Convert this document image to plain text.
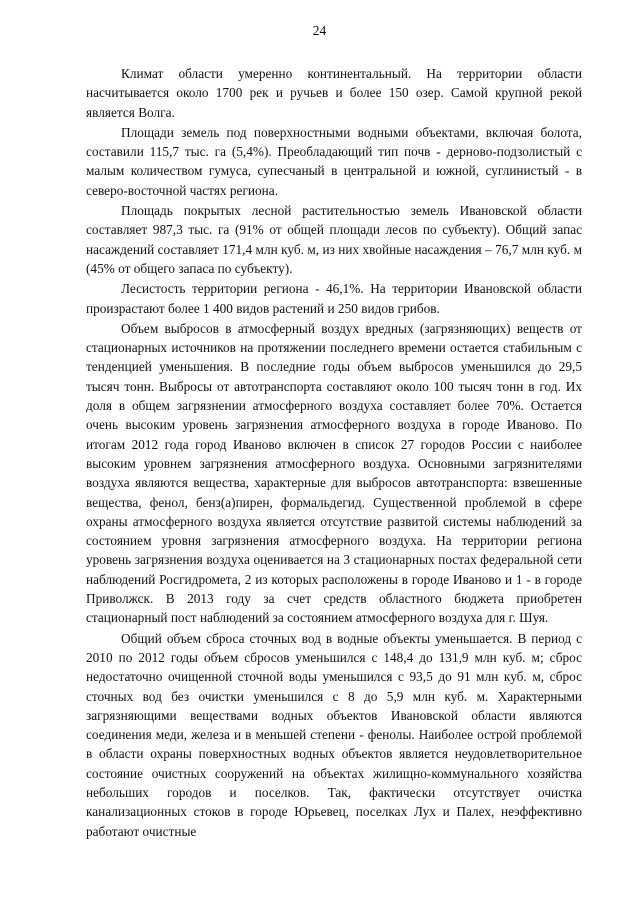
24

Климат области умеренно континентальный. На территории области насчитывается около 1700 рек и ручьев и более 150 озер. Самой крупной рекой является Волга.

Площади земель под поверхностными водными объектами, включая болота, составили 115,7 тыс. га (5,4%). Преобладающий тип почв - дерново-подзолистый с малым количеством гумуса, супесчаный в центральной и южной, суглинистый - в северо-восточной частях региона.

Площадь покрытых лесной растительностью земель Ивановской области составляет 987,3 тыс. га (91% от общей площади лесов по субъекту). Общий запас насаждений составляет 171,4 млн куб. м, из них хвойные насаждения – 76,7 млн куб. м (45% от общего запаса по субъекту).

Лесистость территории региона - 46,1%. На территории Ивановской области произрастают более 1 400 видов растений и 250 видов грибов.

Объем выбросов в атмосферный воздух вредных (загрязняющих) веществ от стационарных источников на протяжении последнего времени остается стабильным с тенденцией уменьшения. В последние годы объем выбросов уменьшился до 29,5 тысяч тонн. Выбросы от автотранспорта составляют около 100 тысяч тонн в год. Их доля в общем загрязнении атмосферного воздуха составляет более 70%. Остается очень высоким уровень загрязнения атмосферного воздуха в городе Иваново. По итогам 2012 года город Иваново включен в список 27 городов России с наиболее высоким уровнем загрязнения атмосферного воздуха. Основными загрязнителями воздуха являются вещества, характерные для выбросов автотранспорта: взвешенные вещества, фенол, бенз(а)пирен, формальдегид. Существенной проблемой в сфере охраны атмосферного воздуха является отсутствие развитой системы наблюдений за состоянием уровня загрязнения атмосферного воздуха. На территории региона уровень загрязнения воздуха оценивается на 3 стационарных постах федеральной сети наблюдений Росгидромета, 2 из которых расположены в городе Иваново и 1 - в городе Приволжск. В 2013 году за счет средств областного бюджета приобретен стационарный пост наблюдений за состоянием атмосферного воздуха для г. Шуя.

Общий объем сброса сточных вод в водные объекты уменьшается. В период с 2010 по 2012 годы объем сбросов уменьшился с 148,4 до 131,9 млн куб. м; сброс недостаточно очищенной сточной воды уменьшился с 93,5 до 91 млн куб. м, сброс сточных вод без очистки уменьшился с 8 до 5,9 млн куб. м. Характерными загрязняющими веществами водных объектов Ивановской области являются соединения меди, железа и в меньшей степени - фенолы. Наиболее острой проблемой в области охраны поверхностных водных объектов является неудовлетворительное состояние очистных сооружений на объектах жилищно-коммунального хозяйства небольших городов и поселков. Так, фактически отсутствует очистка канализационных стоков в городе Юрьевец, поселках Лух и Палех, неэффективно работают очистные
